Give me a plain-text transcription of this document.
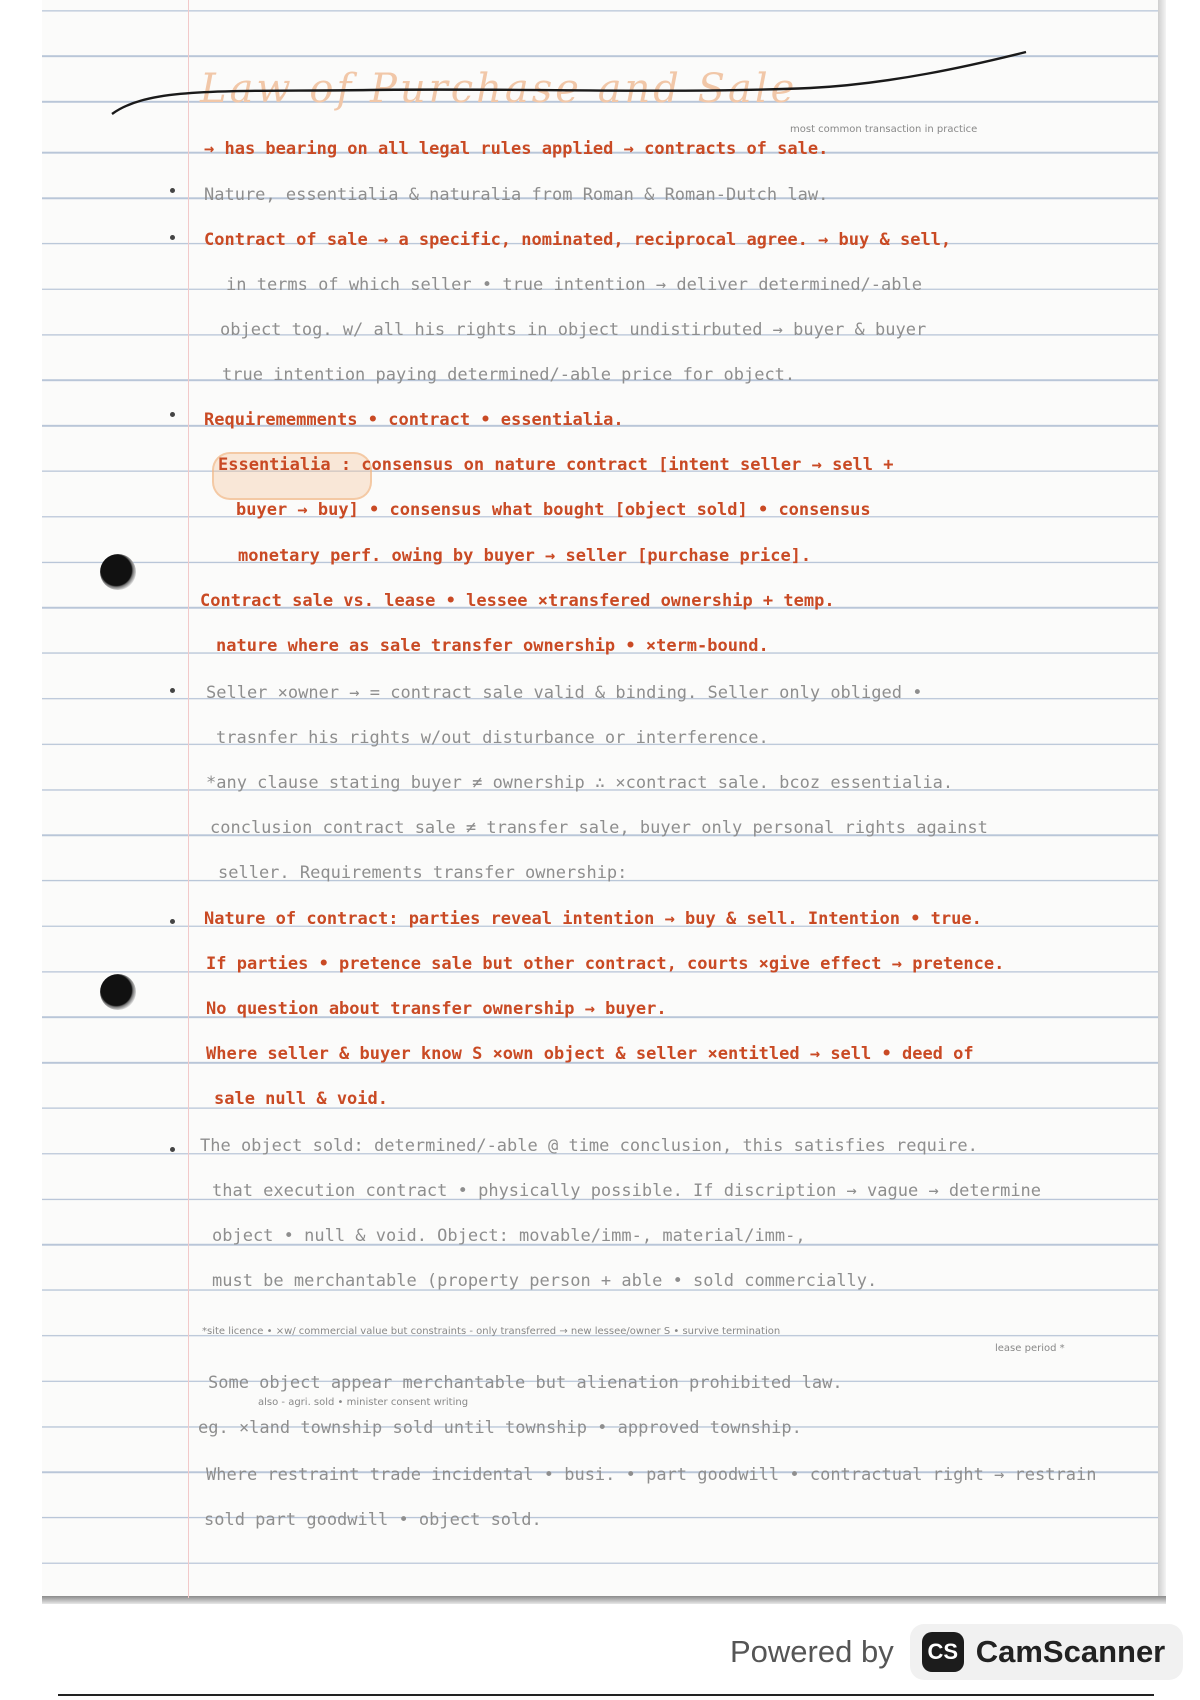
Law of Purchase and Sale
most common transaction in practice
→ has bearing on all legal rules applied → contracts of sale.
Nature, essentialia & naturalia from Roman & Roman-Dutch law.
Contract of sale → a specific, nominated, reciprocal agree. → buy & sell,
in terms of which seller • true intention → deliver determined/-able
object tog. w/ all his rights in object undistirbuted → buyer & buyer
true intention paying determined/-able price for object.
Requirememments • contract • essentialia.
Essentialia : consensus on nature contract [intent seller → sell +
buyer → buy] • consensus what bought [object sold] • consensus
monetary perf. owing by buyer → seller [purchase price].
Contract sale vs. lease • lessee ×transfered ownership + temp.
nature where as sale transfer ownership • ×term-bound.
Seller ×owner → = contract sale valid & binding. Seller only obliged •
trasnfer his rights w/out disturbance or interference.
*any clause stating buyer ≠ ownership ∴ ×contract sale. bcoz essentialia.
conclusion contract sale ≠ transfer sale, buyer only personal rights against
seller. Requirements transfer ownership:
Nature of contract: parties reveal intention → buy & sell. Intention • true.
If parties • pretence sale but other contract, courts ×give effect → pretence.
No question about transfer ownership → buyer.
Where seller & buyer know S ×own object & seller ×entitled → sell • deed of
sale null & void.
The object sold: determined/-able @ time conclusion, this satisfies require.
that execution contract • physically possible. If discription → vague → determine
object • null & void. Object: movable/imm-, material/imm-,
must be merchantable (property person + able • sold commercially.
Some object appear merchantable but alienation prohibited law.
eg. ×land township sold until township • approved township.
Where restraint trade incidental • busi. • part goodwill • contractual right → restrain
sold part goodwill • object sold.
*site licence • ×w/ commercial value but constraints - only transferred → new lessee/owner S • survive termination
lease period *
also - agri. sold • minister consent writing
Powered by CS CamScanner
